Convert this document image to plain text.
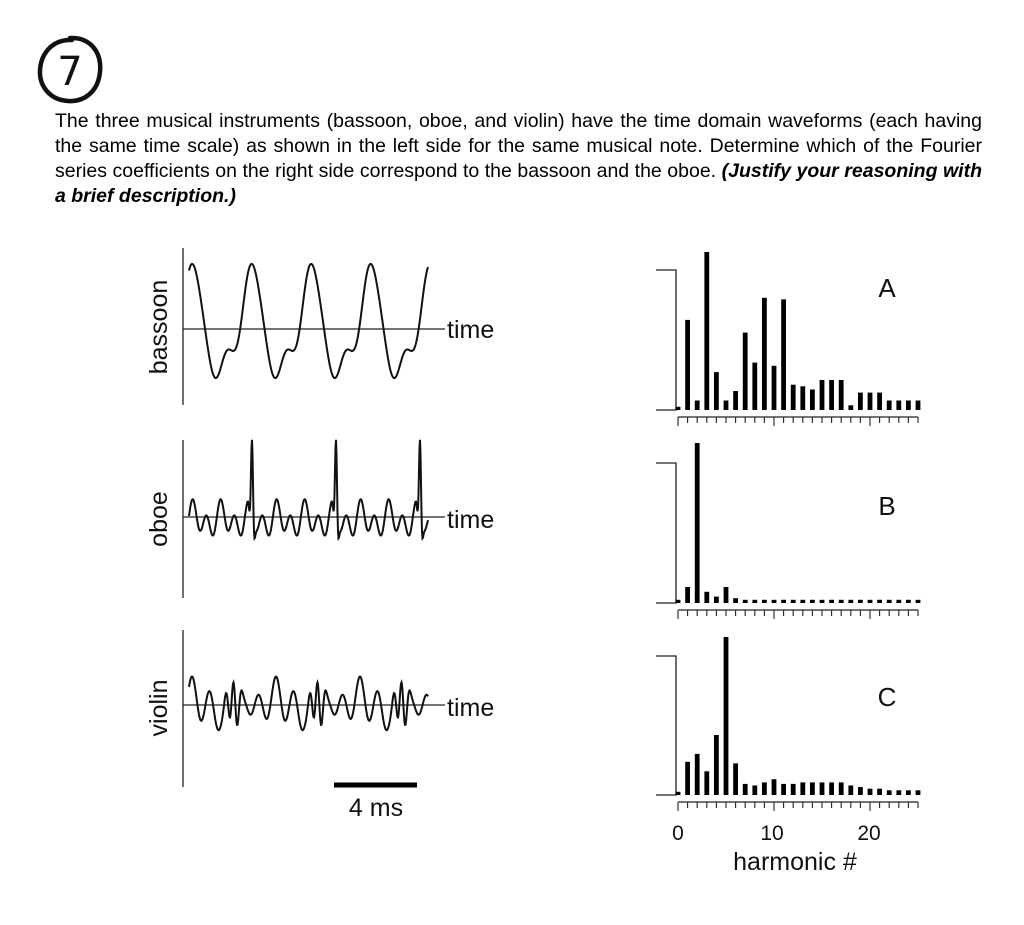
7
The three musical instruments (bassoon, oboe, and violin) have the time domain waveforms (each having the same time scale) as shown in the left side for the same musical note. Determine which of the Fourier series coefficients on the right side correspond to the bassoon and the oboe. (Justify your reasoning with a brief description.)
bassoon	time
oboe	time
violin	time
4 ms
A
B
C
0	10	20
harmonic #
